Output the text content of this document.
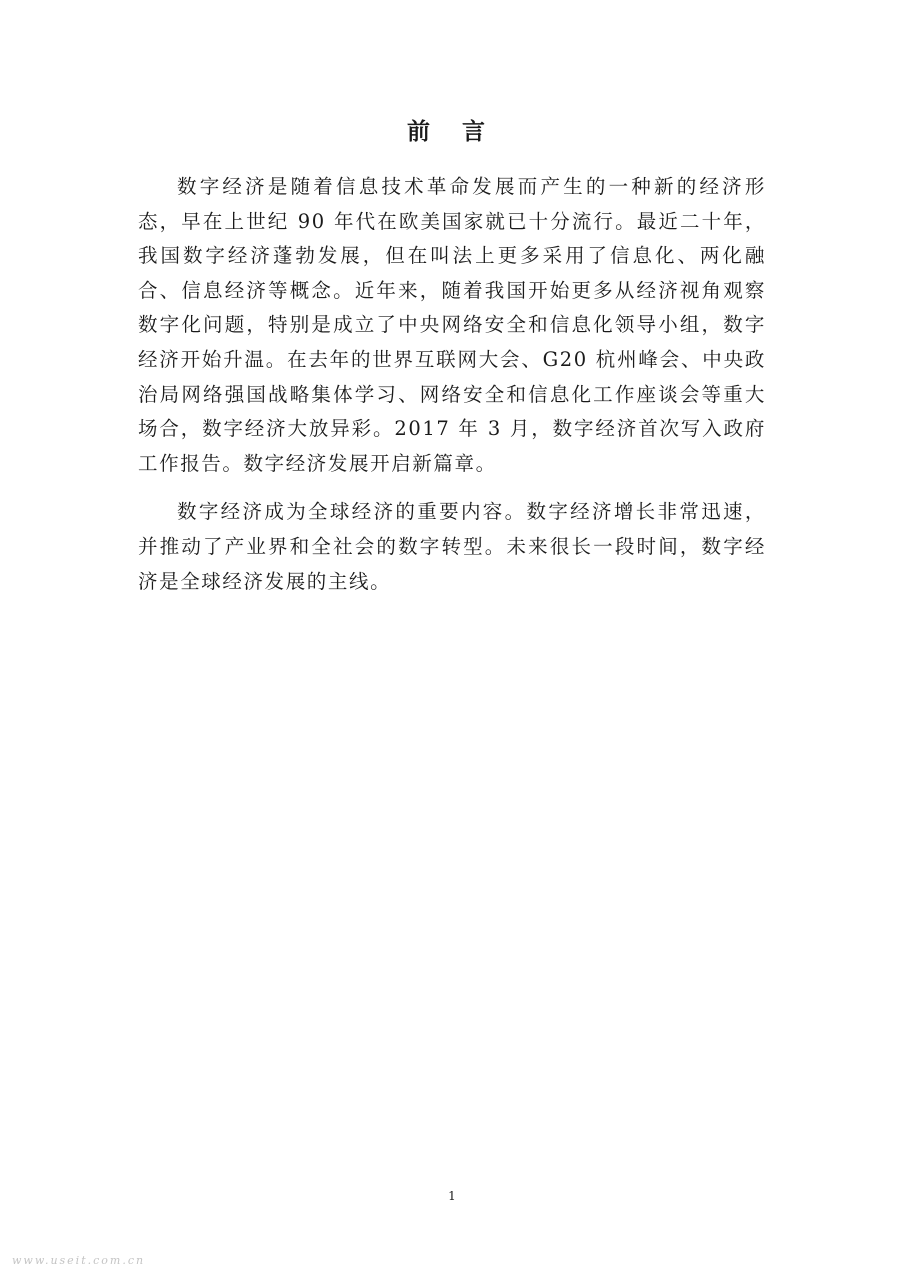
前 言

数字经济是随着信息技术革命发展而产生的一种新的经济形态，早在上世纪 90 年代在欧美国家就已十分流行。最近二十年，我国数字经济蓬勃发展，但在叫法上更多采用了信息化、两化融合、信息经济等概念。近年来，随着我国开始更多从经济视角观察数字化问题，特别是成立了中央网络安全和信息化领导小组，数字经济开始升温。在去年的世界互联网大会、G20 杭州峰会、中央政治局网络强国战略集体学习、网络安全和信息化工作座谈会等重大场合，数字经济大放异彩。2017 年 3 月，数字经济首次写入政府工作报告。数字经济发展开启新篇章。

数字经济成为全球经济的重要内容。数字经济增长非常迅速，并推动了产业界和全社会的数字转型。未来很长一段时间，数字经济是全球经济发展的主线。

1
www.useit.com.cn
